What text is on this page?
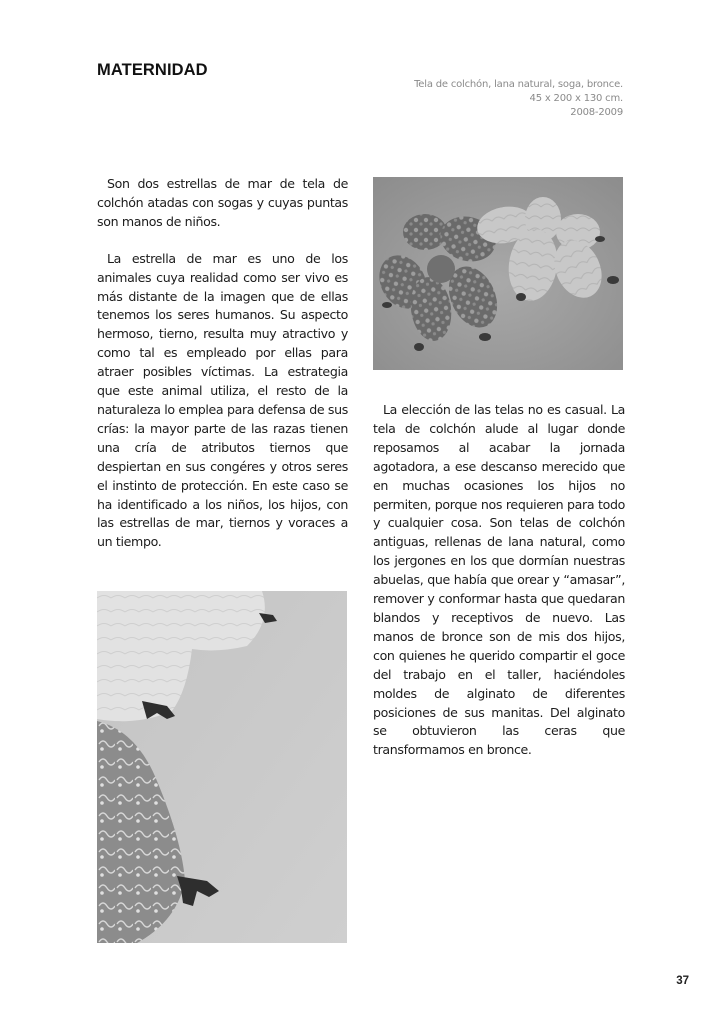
MATERNIDAD
Tela de colchón, lana natural, soga, bronce.
45 x 200 x 130 cm.
2008-2009

Son dos estrellas de mar de tela de colchón atadas con sogas y cuyas puntas son manos de niños.

La estrella de mar es uno de los animales cuya realidad como ser vivo es más distante de la imagen que de ellas tenemos los seres humanos. Su aspecto hermoso, tierno, resulta muy atractivo y como tal es empleado por ellas para atraer posibles víctimas. La estrategia que este animal utiliza, el resto de la naturaleza lo emplea para defensa de sus crías: la mayor parte de las razas tienen una cría de atributos tiernos que despiertan en sus congéres y otros seres el instinto de protección. En este caso se ha identificado a los niños, los hijos, con las estrellas de mar, tiernos y voraces a un tiempo.

La elección de las telas no es casual. La tela de colchón alude al lugar donde reposamos al acabar la jornada agotadora, a ese descanso merecido que en muchas ocasiones los hijos no permiten, porque nos requieren para todo y cualquier cosa. Son telas de colchón antiguas, rellenas de lana natural, como los jergones en los que dormían nuestras abuelas, que había que orear y “amasar”, remover y conformar hasta que quedaran blandos y receptivos de nuevo. Las manos de bronce son de mis dos hijos, con quienes he querido compartir el goce del trabajo en el taller, haciéndoles moldes de alginato de diferentes posiciones de sus manitas. Del alginato se obtuvieron las ceras que transformamos en bronce.

37
